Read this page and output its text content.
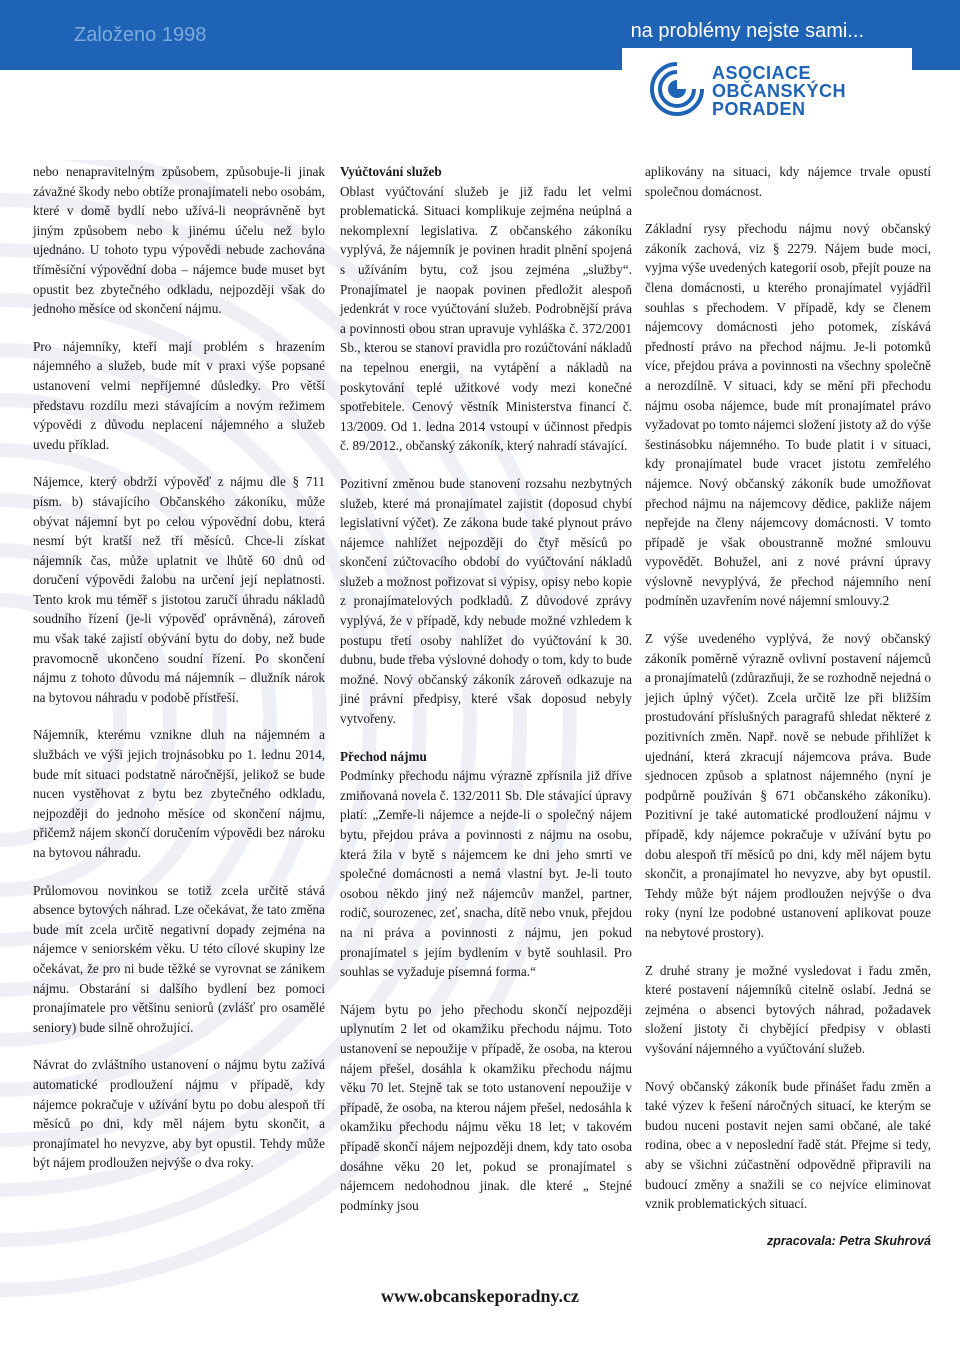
Založeno 1998	na problémy nejste sami...
ASOCIACE
OBČANSKÝCH
PORADEN

nebo nenapravitelným způsobem, způsobuje-li jinak závažné škody nebo obtíže pronajímateli nebo osobám, které v domě bydlí nebo užívá-li neoprávněně byt jiným způsobem nebo k jinému účelu než bylo ujednáno. U tohoto typu výpovědi nebude zachována tříměsíční výpovědní doba – nájemce bude muset byt opustit bez zbytečného odkladu, nejpozději však do jednoho měsíce od skončení nájmu.

Pro nájemníky, kteří mají problém s hrazením nájemného a služeb, bude mít v praxi výše popsané ustanovení velmi nepříjemné důsledky. Pro větší představu rozdílu mezi stávajícím a novým režimem výpovědi z důvodu neplacení nájemného a služeb uvedu příklad.

Nájemce, který obdrží výpověď z nájmu dle § 711 písm. b) stávajícího Občanského zákoníku, může obývat nájemní byt po celou výpovědní dobu, která nesmí být kratší než tří měsíců. Chce-li získat nájemník čas, může uplatnit ve lhůtě 60 dnů od doručení výpovědi žalobu na určení její neplatnosti. Tento krok mu téměř s jistotou zaručí úhradu nákladů soudního řízení (je-li výpověď oprávněná), zároveň mu však také zajistí obývání bytu do doby, než bude pravomocně ukončeno soudní řízení. Po skončení nájmu z tohoto důvodu má nájemník – dlužník nárok na bytovou náhradu v podobě přístřeší.

Nájemník, kterému vznikne dluh na nájemném a službách ve výši jejich trojnásobku po 1. lednu 2014, bude mít situaci podstatně náročnější, jelikož se bude nucen vystěhovat z bytu bez zbytečného odkladu, nejpozději do jednoho měsíce od skončení nájmu, přičemž nájem skončí doručením výpovědi bez nároku na bytovou náhradu.

Průlomovou novinkou se totiž zcela určitě stává absence bytových náhrad. Lze očekávat, že tato změna bude mít zcela určitě negativní dopady zejména na nájemce v seniorském věku. U této cílové skupiny lze očekávat, že pro ni bude těžké se vyrovnat se zánikem nájmu. Obstarání si dalšího bydlení bez pomoci pronajímatele pro většinu seniorů (zvlášť pro osamělé seniory) bude silně ohrožující.

Návrat do zvláštního ustanovení o nájmu bytu zažívá automatické prodloužení nájmu v případě, kdy nájemce pokračuje v užívání bytu po dobu alespoň tří měsíců po dni, kdy měl nájem bytu skončit, a pronajímatel ho nevyzve, aby byt opustil. Tehdy může být nájem prodloužen nejvýše o dva roky.

Vyúčtování služeb

Oblast vyúčtování služeb je již řadu let velmi problematická. Situaci komplikuje zejména neúplná a nekomplexní legislativa. Z občanského zákoníku vyplývá, že nájemník je povinen hradit plnění spojená s užíváním bytu, což jsou zejména „služby“. Pronajímatel je naopak povinen předložit alespoň jedenkrát v roce vyúčtování služeb. Podrobnější práva a povinnosti obou stran upravuje vyhláška č. 372/2001 Sb., kterou se stanoví pravidla pro rozúčtování nákladů na tepelnou energii, na vytápění a nákladů na poskytování teplé užitkové vody mezi konečné spotřebitele. Cenový věstník Ministerstva financí č. 13/2009. Od 1. ledna 2014 vstoupí v účinnost předpis č. 89/2012., občanský zákoník, který nahradí stávající.

Pozitivní změnou bude stanovení rozsahu nezbytných služeb, které má pronajímatel zajistit (doposud chybí legislativní výčet). Ze zákona bude také plynout právo nájemce nahlížet nejpozději do čtyř měsíců po skončení zúčtovacího období do vyúčtování nákladů služeb a možnost pořizovat si výpisy, opisy nebo kopie z pronajímatelových podkladů. Z důvodové zprávy vyplývá, že v případě, kdy nebude možné vzhledem k postupu třetí osoby nahlížet do vyúčtování k 30. dubnu, bude třeba výslovné dohody o tom, kdy to bude možné. Nový občanský zákoník zároveň odkazuje na jiné právní předpisy, které však doposud nebyly vytvořeny.

Přechod nájmu

Podmínky přechodu nájmu výrazně zpřísnila již dříve zmiňovaná novela č. 132/2011 Sb. Dle stávající úpravy platí: „Zemře-li nájemce a nejde-li o společný nájem bytu, přejdou práva a povinnosti z nájmu na osobu, která žila v bytě s nájemcem ke dni jeho smrti ve společné domácnosti a nemá vlastní byt. Je-li touto osobou někdo jiný než nájemcův manžel, partner, rodič, sourozenec, zeť, snacha, dítě nebo vnuk, přejdou na ni práva a povinnosti z nájmu, jen pokud pronajímatel s jejím bydlením v bytě souhlasil. Pro souhlas se vyžaduje písemná forma.“

Nájem bytu po jeho přechodu skončí nejpozději uplynutím 2 let od okamžiku přechodu nájmu. Toto ustanovení se nepoužije v případě, že osoba, na kterou nájem přešel, dosáhla k okamžiku přechodu nájmu věku 70 let. Stejně tak se toto ustanovení nepoužije v případě, že osoba, na kterou nájem přešel, nedosáhla k okamžiku přechodu nájmu věku 18 let; v takovém případě skončí nájem nejpozději dnem, kdy tato osoba dosáhne věku 20 let, pokud se pronajímatel s nájemcem nedohodnou jinak. dle které „ Stejné podmínky jsou

aplikovány na situaci, kdy nájemce trvale opustí společnou domácnost.

Základní rysy přechodu nájmu nový občanský zákoník zachová, viz § 2279. Nájem bude moci, vyjma výše uvedených kategorií osob, přejít pouze na člena domácnosti, u kterého pronajímatel vyjádřil souhlas s přechodem. V případě, kdy se členem nájemcovy domácnosti jeho potomek, získává předností právo na přechod nájmu. Je-li potomků více, přejdou práva a povinnosti na všechny společně a nerozdílně. V situaci, kdy se mění při přechodu nájmu osoba nájemce, bude mít pronajímatel právo vyžadovat po tomto nájemci složení jistoty až do výše šestinásobku nájemného. To bude platit i v situaci, kdy pronajímatel bude vracet jistotu zemřelého nájemce. Nový občanský zákoník bude umožňovat přechod nájmu na nájemcovy dědice, pakliže nájem nepřejde na členy nájemcovy domácnosti. V tomto případě je však oboustranně možné smlouvu vypovědět. Bohužel, ani z nové právní úpravy výslovně nevyplývá, že přechod nájemního není podmíněn uzavřením nové nájemní smlouvy.2

Z výše uvedeného vyplývá, že nový občanský zákoník poměrně výrazně ovlivní postavení nájemců a pronajímatelů (zdůrazňuji, že se rozhodně nejedná o jejich úplný výčet). Zcela určitě lze při bližším prostudování příslušných paragrafů shledat některé z pozitivních změn. Např. nově se nebude přihlížet k ujednání, která zkracují nájemcova práva. Bude sjednocen způsob a splatnost nájemného (nyní je podpůrně používán § 671 občanského zákoníku). Pozitivní je také automatické prodloužení nájmu v případě, kdy nájemce pokračuje v užívání bytu po dobu alespoň tří měsíců po dni, kdy měl nájem bytu skončit, a pronajímatel ho nevyzve, aby byt opustil. Tehdy může být nájem prodloužen nejvýše o dva roky (nyní lze podobné ustanovení aplikovat pouze na nebytové prostory).

Z druhé strany je možné vysledovat i řadu změn, které postavení nájemníků citelně oslabí. Jedná se zejména o absenci bytových náhrad, požadavek složení jistoty či chybějící předpisy v oblasti vyšování nájemného a vyúčtování služeb.

Nový občanský zákoník bude přinášet řadu změn a také výzev k řešení náročných situací, ke kterým se budou nuceni postavit nejen sami občané, ale také rodina, obec a v neposlední řadě stát. Přejme si tedy, aby se všichni zúčastnění odpovědně připravili na budoucí změny a snažili se co nejvíce eliminovat vznik problematických situací.

zpracovala: Petra Skuhrová

www.obcanskeporadny.cz
